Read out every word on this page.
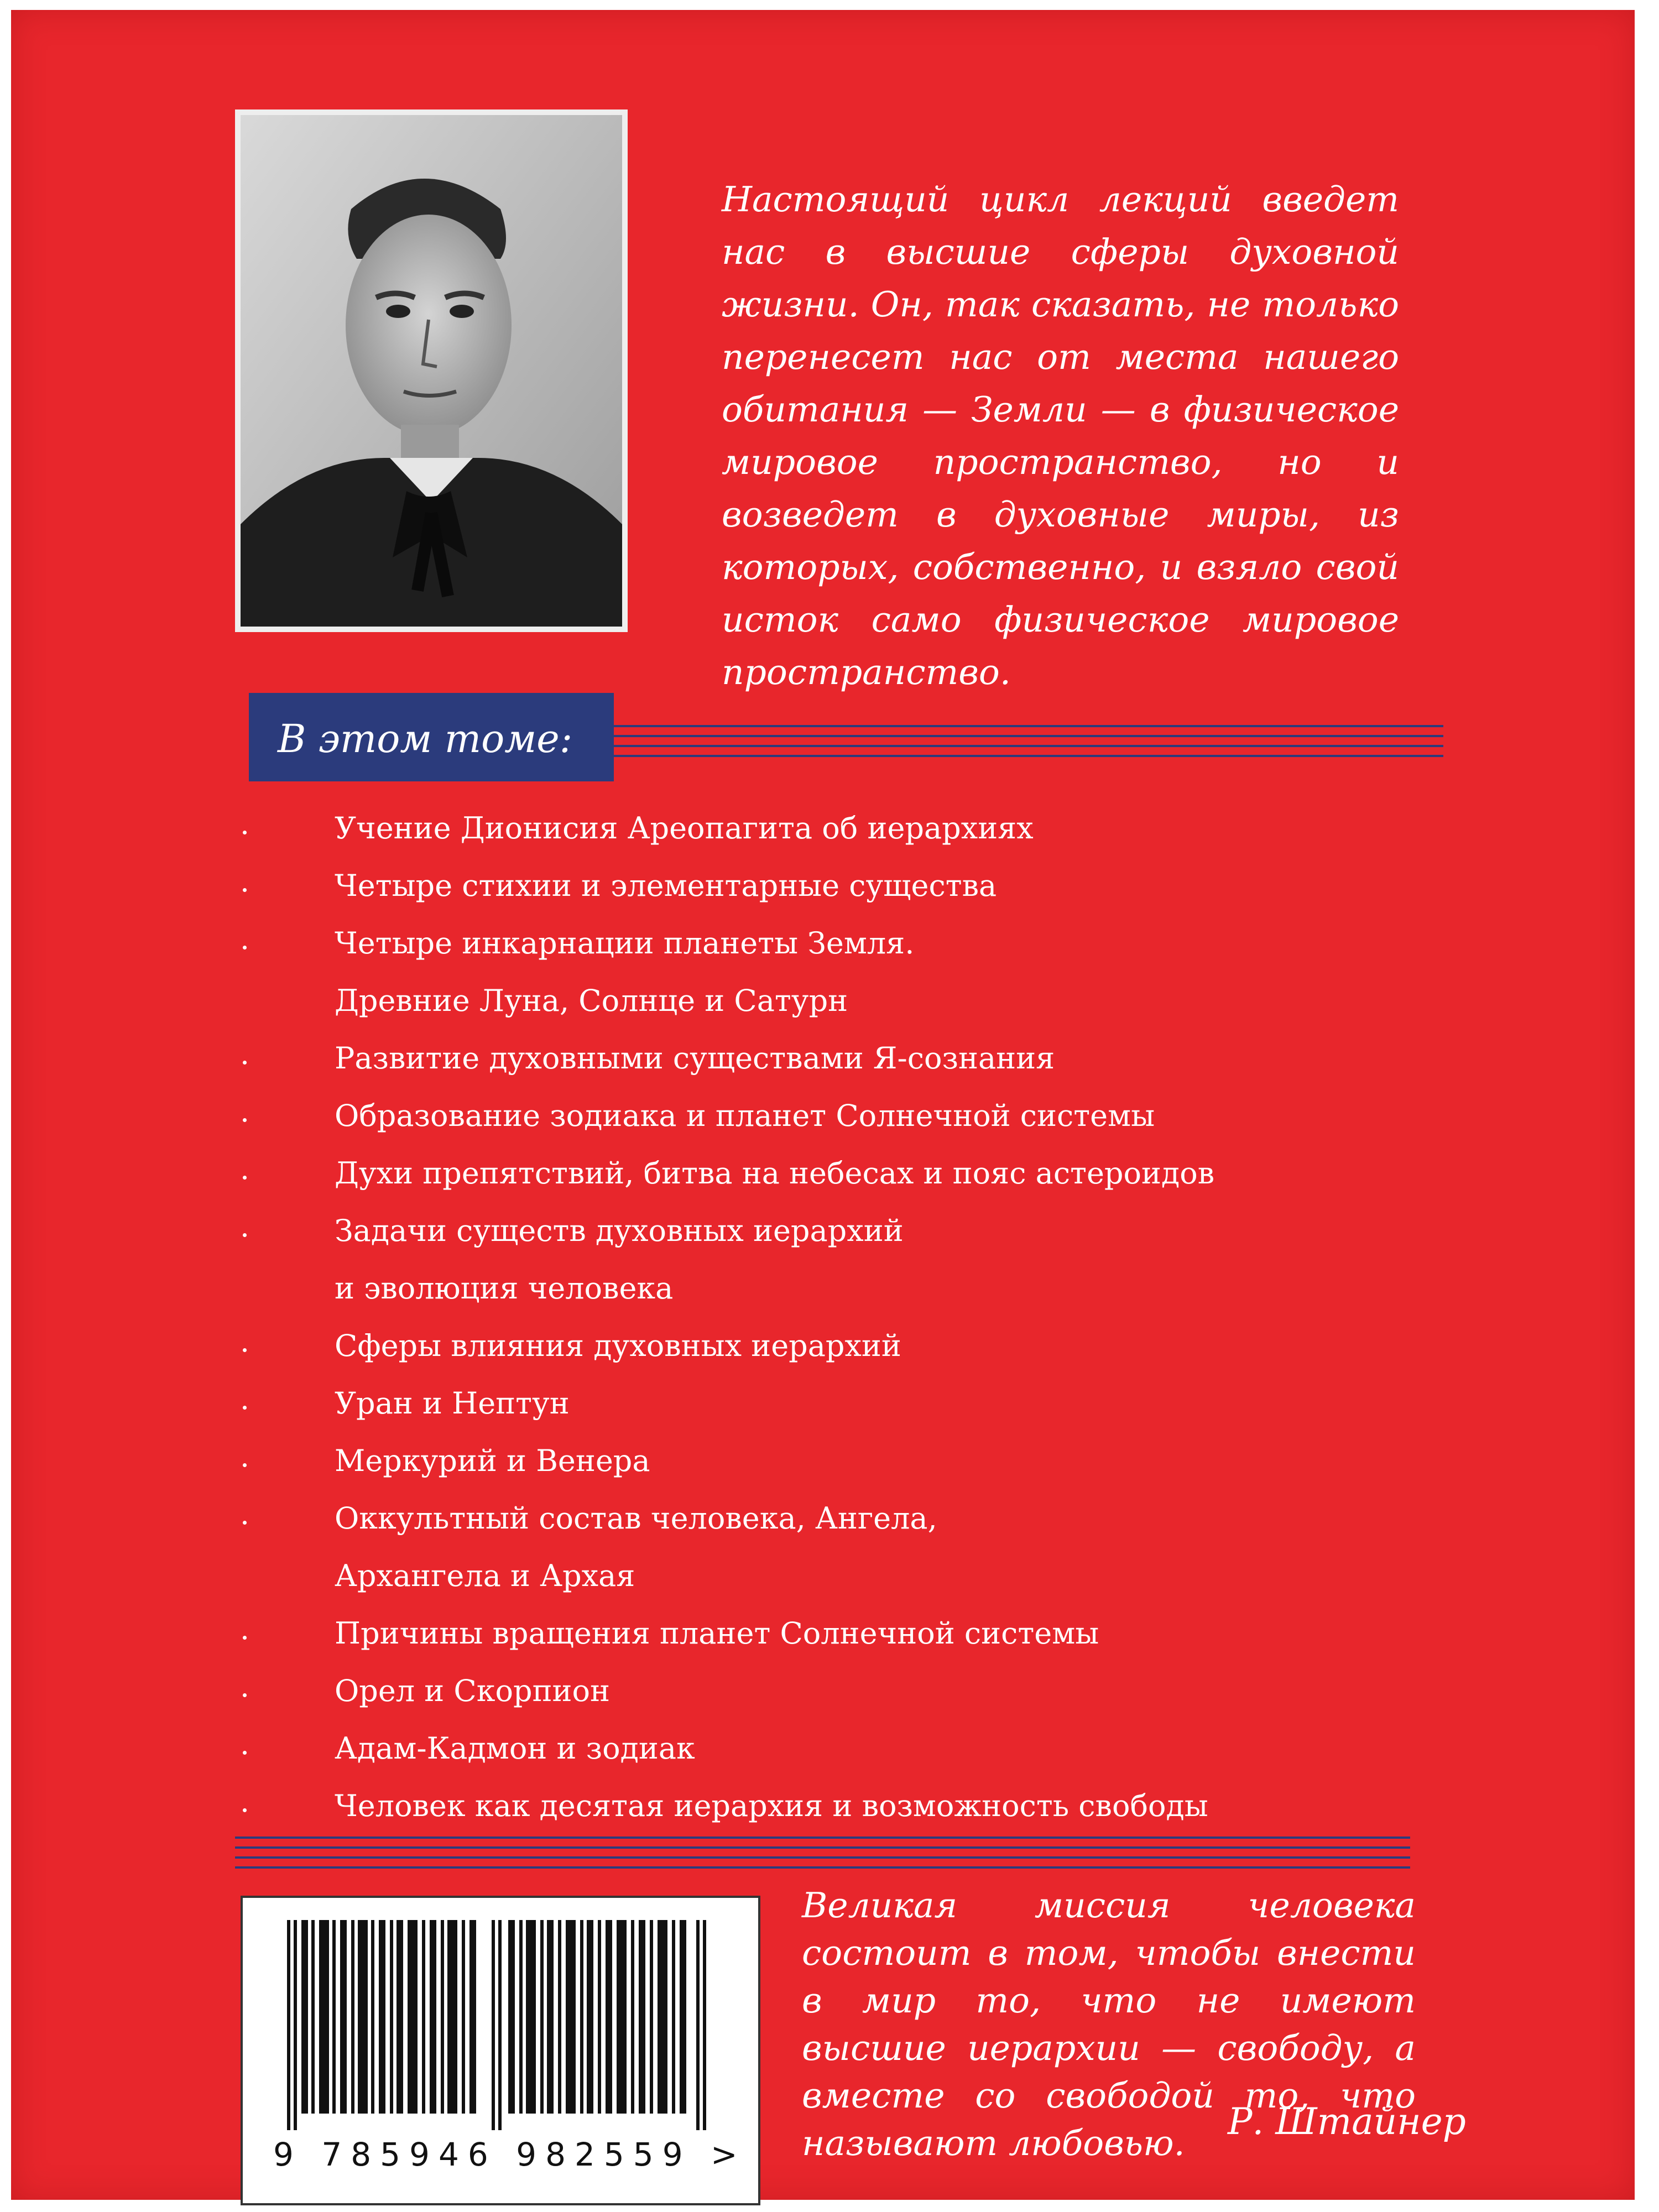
Настоящий цикл лекций введет нас в высшие сферы духовной жизни. Он, так сказать, не только перенесет нас от места нашего обитания — Земли — в физическое мировое пространство, но и возведет в духовные миры, из которых, собственно, и взяло свой исток само физическое мировое пространство.

В этом томе:

Учение Дионисия Ареопагита об иерархиях
Четыре стихии и элементарные существа
Четыре инкарнации планеты Земля.
Древние Луна, Солнце и Сатурн
Развитие духовными существами Я-сознания
Образование зодиака и планет Солнечной системы
Духи препятствий, битва на небесах и пояс астероидов
Задачи существ духовных иерархий
и эволюция человека
Сферы влияния духовных иерархий
Уран и Нептун
Меркурий и Венера
Оккультный состав человека, Ангела,
Архангела и Архая
Причины вращения планет Солнечной системы
Орел и Скорпион
Адам-Кадмон и зодиак
Человек как десятая иерархия и возможность свободы

9 785946 982559 >

Великая миссия человека состоит в том, чтобы внести в мир то, что не имеют высшие иерархии — свободу, а вместе со свободой то, что называют любовью.

Р. Штайнер
